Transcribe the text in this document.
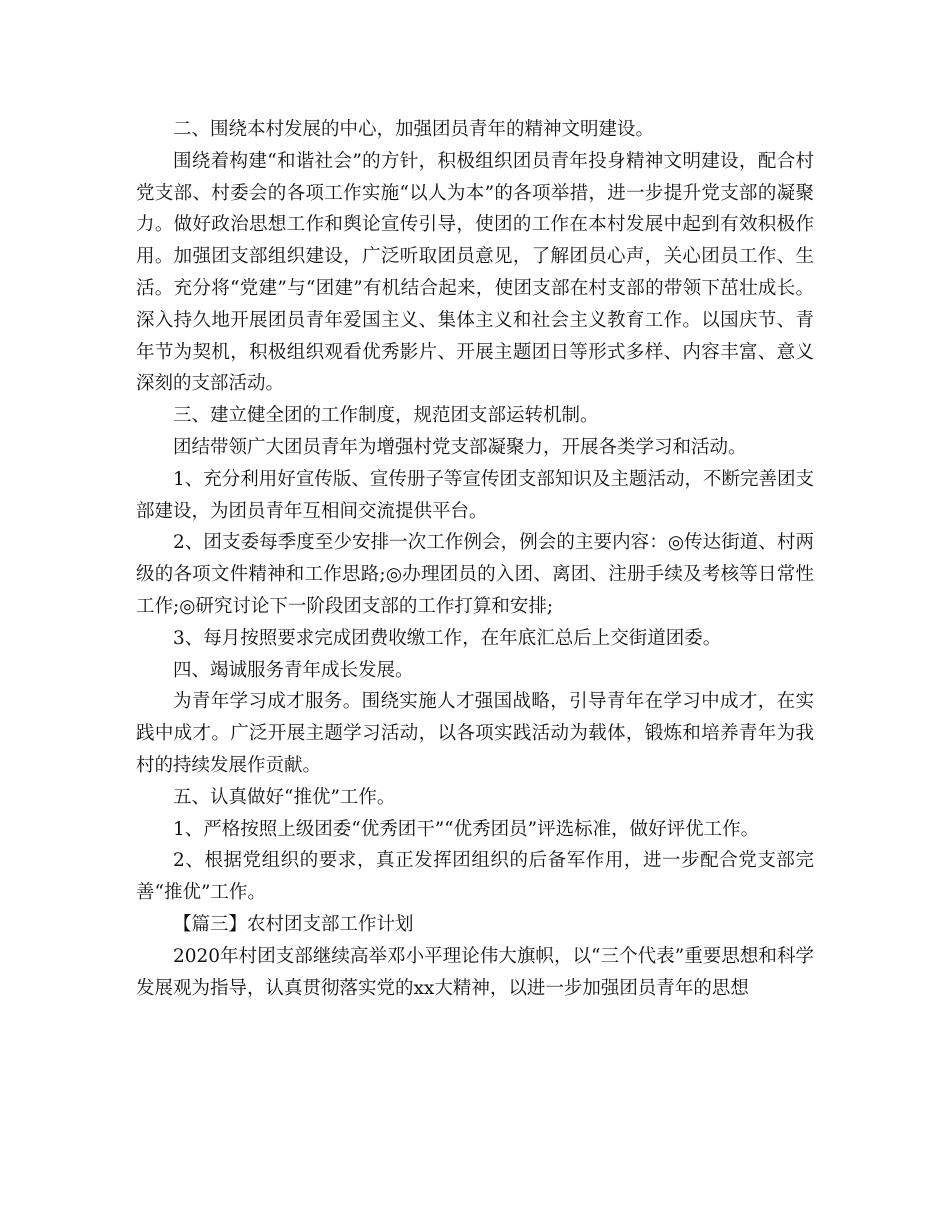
二、围绕本村发展的中心，加强团员青年的精神文明建设。

围绕着构建“和谐社会”的方针，积极组织团员青年投身精神文明建设，配合村党支部、村委会的各项工作实施“以人为本”的各项举措，进一步提升党支部的凝聚力。做好政治思想工作和舆论宣传引导，使团的工作在本村发展中起到有效积极作用。加强团支部组织建设，广泛听取团员意见，了解团员心声，关心团员工作、生活。充分将“党建”与“团建”有机结合起来，使团支部在村支部的带领下茁壮成长。深入持久地开展团员青年爱国主义、集体主义和社会主义教育工作。以国庆节、青年节为契机，积极组织观看优秀影片、开展主题团日等形式多样、内容丰富、意义深刻的支部活动。

三、建立健全团的工作制度，规范团支部运转机制。

团结带领广大团员青年为增强村党支部凝聚力，开展各类学习和活动。

1、充分利用好宣传版、宣传册子等宣传团支部知识及主题活动，不断完善团支部建设，为团员青年互相间交流提供平台。

2、团支委每季度至少安排一次工作例会，例会的主要内容：◎传达街道、村两级的各项文件精神和工作思路;◎办理团员的入团、离团、注册手续及考核等日常性工作;◎研究讨论下一阶段团支部的工作打算和安排;

3、每月按照要求完成团费收缴工作，在年底汇总后上交街道团委。

四、竭诚服务青年成长发展。

为青年学习成才服务。围绕实施人才强国战略，引导青年在学习中成才，在实践中成才。广泛开展主题学习活动，以各项实践活动为载体，锻炼和培养青年为我村的持续发展作贡献。

五、认真做好“推优”工作。

1、严格按照上级团委“优秀团干”“优秀团员”评选标准，做好评优工作。

2、根据党组织的要求，真正发挥团组织的后备军作用，进一步配合党支部完善“推优”工作。

【篇三】农村团支部工作计划

2020年村团支部继续高举邓小平理论伟大旗帜，以“三个代表”重要思想和科学发展观为指导，认真贯彻落实党的xx大精神，以进一步加强团员青年的思想
